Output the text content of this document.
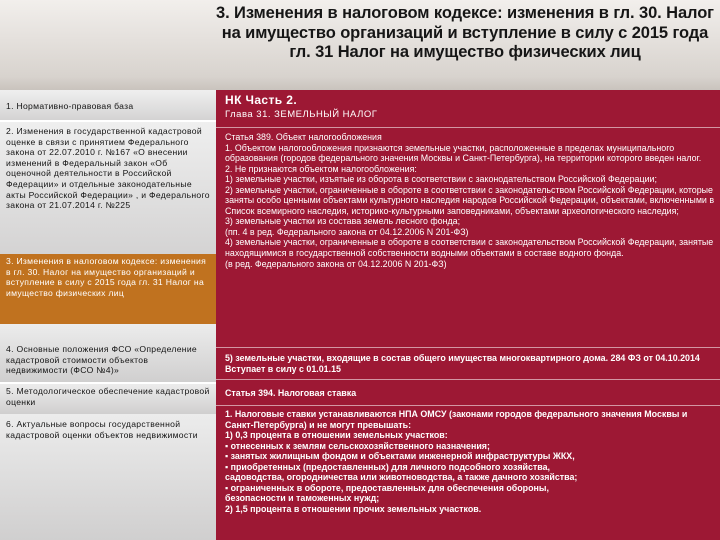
3. Изменения в налоговом кодексе: изменения в гл. 30. Налог на имущество организаций и вступление в силу с 2015 года гл. 31 Налог на имущество физических лиц
1. Нормативно-правовая база
2. Изменения в государственной кадастровой оценке в связи с принятием Федерального закона от 22.07.2010 г. №167 «О внесении изменений в Федеральный закон «Об оценочной деятельности в Российской Федерации» и отдельные законодательные акты Российской Федерации» , и Федерального закона от 21.07.2014 г. №225
3. Изменения в налоговом кодексе: изменения в гл. 30. Налог на имущество организаций и вступление в силу с 2015 года гл. 31 Налог на имущество физических лиц
4. Основные положения ФСО «Определение кадастровой стоимости объектов недвижимости (ФСО №4)»
5. Методологическое обеспечение кадастровой оценки
6. Актуальные вопросы государственной кадастровой оценки объектов недвижимости
НК Часть 2.
Глава 31. ЗЕМЕЛЬНЫЙ НАЛОГ
Статья 389. Объект налогообложения
1. Объектом налогообложения признаются земельные участки, расположенные в пределах муниципального образования (городов федерального значения Москвы и Санкт-Петербурга), на территории которого введен налог.
2. Не признаются объектом налогообложения:
1) земельные участки, изъятые из оборота в соответствии с законодательством Российской Федерации;
2) земельные участки, ограниченные в обороте в соответствии с законодательством Российской Федерации, которые заняты особо ценными объектами культурного наследия народов Российской Федерации, объектами, включенными в Список всемирного наследия, историко-культурными заповедниками, объектами археологического наследия;
3) земельные участки из состава земель лесного фонда;
(пп. 4 в ред. Федерального закона от 04.12.2006 N 201-ФЗ)
4) земельные участки, ограниченные в обороте в соответствии с законодательством Российской Федерации, занятые находящимися в государственной собственности водными объектами в составе водного фонда.
(в ред. Федерального закона от 04.12.2006 N 201-ФЗ)
5) земельные участки, входящие в состав общего имущества многоквартирного дома. 284 ФЗ от 04.10.2014 Вступает в силу с 01.01.15
Статья 394. Налоговая ставка
1. Налоговые ставки устанавливаются НПА ОМСУ (законами городов федерального значения Москвы и Санкт-Петербурга) и не могут превышать:
1) 0,3 процента в отношении земельных участков:
▪ отнесенных к землям сельскохозяйственного назначения;
▪ занятых жилищным фондом и объектами инженерной инфраструктуры ЖКХ,
▪ приобретенных (предоставленных) для личного подсобного хозяйства,
садоводства, огородничества или животноводства, а также дачного хозяйства;
▪ ограниченных в обороте, предоставленных для обеспечения обороны,
безопасности и таможенных нужд;
2) 1,5 процента в отношении прочих земельных участков.
